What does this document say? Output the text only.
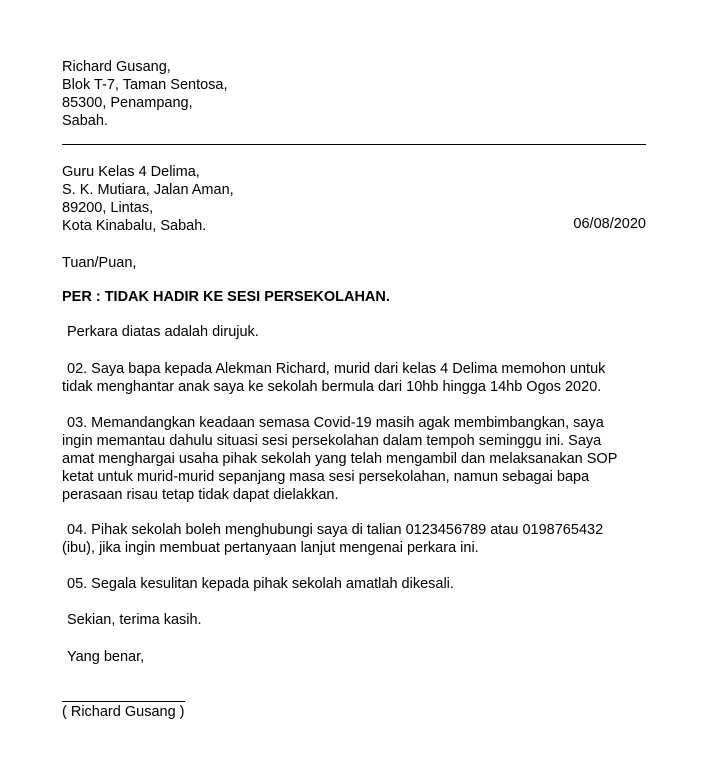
Richard Gusang,
Blok T-7, Taman Sentosa,
85300, Penampang,
Sabah.
Guru Kelas 4 Delima,
S. K. Mutiara, Jalan Aman,
89200, Lintas,
Kota Kinabalu, Sabah.	06/08/2020
Tuan/Puan,
PER : TIDAK HADIR KE SESI PERSEKOLAHAN.
Perkara diatas adalah dirujuk.
02. Saya bapa kepada Alekman Richard, murid dari kelas 4 Delima memohon untuk
tidak menghantar anak saya ke sekolah bermula dari 10hb hingga 14hb Ogos 2020.
03. Memandangkan keadaan semasa Covid-19 masih agak membimbangkan, saya
ingin memantau dahulu situasi sesi persekolahan dalam tempoh seminggu ini. Saya
amat menghargai usaha pihak sekolah yang telah mengambil dan melaksanakan SOP
ketat untuk murid-murid sepanjang masa sesi persekolahan, namun sebagai bapa
perasaan risau tetap tidak dapat dielakkan.
04. Pihak sekolah boleh menghubungi saya di talian 0123456789 atau 0198765432
(ibu), jika ingin membuat pertanyaan lanjut mengenai perkara ini.
05. Segala kesulitan kepada pihak sekolah amatlah dikesali.
Sekian, terima kasih.
Yang benar,
( Richard Gusang )
